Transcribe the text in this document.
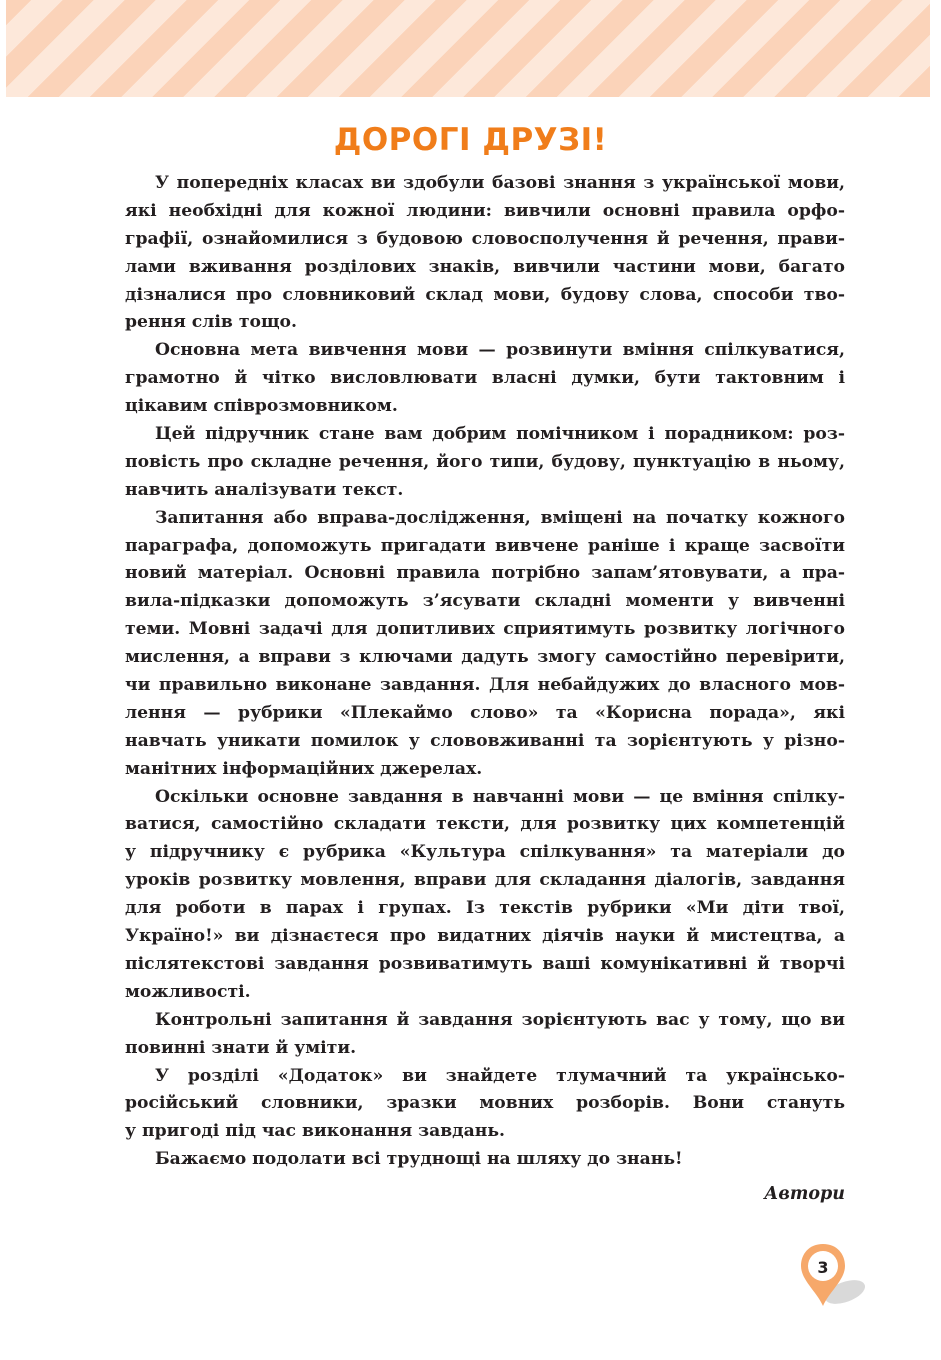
ДОРОГІ ДРУЗІ!
У попередніх класах ви здобули базові знання з української мови,
які необхідні для кожної людини: вивчили основні правила орфо-
графії, ознайомилися з будовою словосполучення й речення, прави-
лами вживання розділових знаків, вивчили частини мови, багато
дізналися про словниковий склад мови, будову слова, способи тво-
рення слів тощо.
Основна мета вивчення мови — розвинути вміння спілкуватися,
грамотно й чітко висловлювати власні думки, бути тактовним і
цікавим співрозмовником.
Цей підручник стане вам добрим помічником і порадником: роз-
повість про складне речення, його типи, будову, пунктуацію в ньому,
навчить аналізувати текст.
Запитання або вправа-дослідження, вміщені на початку кожного
параграфа, допоможуть пригадати вивчене раніше і краще засвоїти
новий матеріал. Основні правила потрібно запам’ятовувати, а пра-
вила-підказки допоможуть з’ясувати складні моменти у вивченні
теми. Мовні задачі для допитливих сприятимуть розвитку логічного
мислення, а вправи з ключами дадуть змогу самостійно перевірити,
чи правильно виконане завдання. Для небайдужих до власного мов-
лення — рубрики «Плекаймо слово» та «Корисна порада», які
навчать уникати помилок у слововживанні та зорієнтують у різно-
манітних інформаційних джерелах.
Оскільки основне завдання в навчанні мови — це вміння спілку-
ватися, самостійно складати тексти, для розвитку цих компетенцій
у підручнику є рубрика «Культура спілкування» та матеріали до
уроків розвитку мовлення, вправи для складання діалогів, завдання
для роботи в парах і групах. Із текстів рубрики «Ми діти твої,
Україно!» ви дізнаєтеся про видатних діячів науки й мистецтва, а
післятекстові завдання розвиватимуть ваші комунікативні й творчі
можливості.
Контрольні запитання й завдання зорієнтують вас у тому, що ви
повинні знати й уміти.
У розділі «Додаток» ви знайдете тлумачний та українсько-
російський словники, зразки мовних розборів. Вони стануть
у пригоді під час виконання завдань.
Бажаємо подолати всі труднощі на шляху до знань!
Автори
3
